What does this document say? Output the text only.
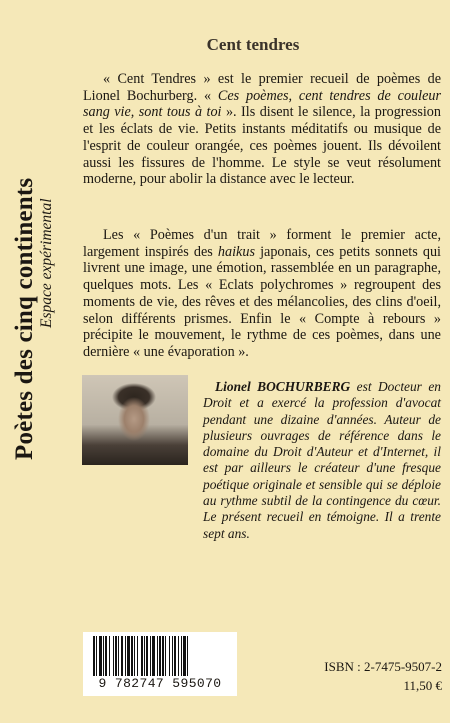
Poètes des cinq continents Espace expérimental
Cent tendres

« Cent Tendres » est le premier recueil de poèmes de Lionel Bochurberg. « Ces poèmes, cent tendres de couleur sang vie, sont tous à toi ». Ils disent le silence, la progression et les éclats de vie. Petits instants méditatifs ou musique de l'esprit de couleur orangée, ces poèmes jouent. Ils dévoilent aussi les fissures de l'homme. Le style se veut résolument moderne, pour abolir la distance avec le lecteur.

Les « Poèmes d'un trait » forment le premier acte, largement inspirés des haikus japonais, ces petits sonnets qui livrent une image, une émotion, rassemblée en un paragraphe, quelques mots. Les « Eclats polychromes » regroupent des moments de vie, des rêves et des mélancolies, des clins d'oeil, selon différents prismes. Enfin le « Compte à rebours » précipite le mouvement, le rythme de ces poèmes, dans une dernière « une évaporation ».

Lionel BOCHURBERG est Docteur en Droit et a exercé la profession d'avocat pendant une dizaine d'années. Auteur de plusieurs ouvrages de référence dans le domaine du Droit d'Auteur et d'Internet, il est par ailleurs le créateur d'une fresque poétique originale et sensible qui se déploie au rythme subtil de la contingence du cœur. Le présent recueil en témoigne. Il a trente sept ans.

9 782747 595070
ISBN : 2-7475-9507-2
11,50 €
